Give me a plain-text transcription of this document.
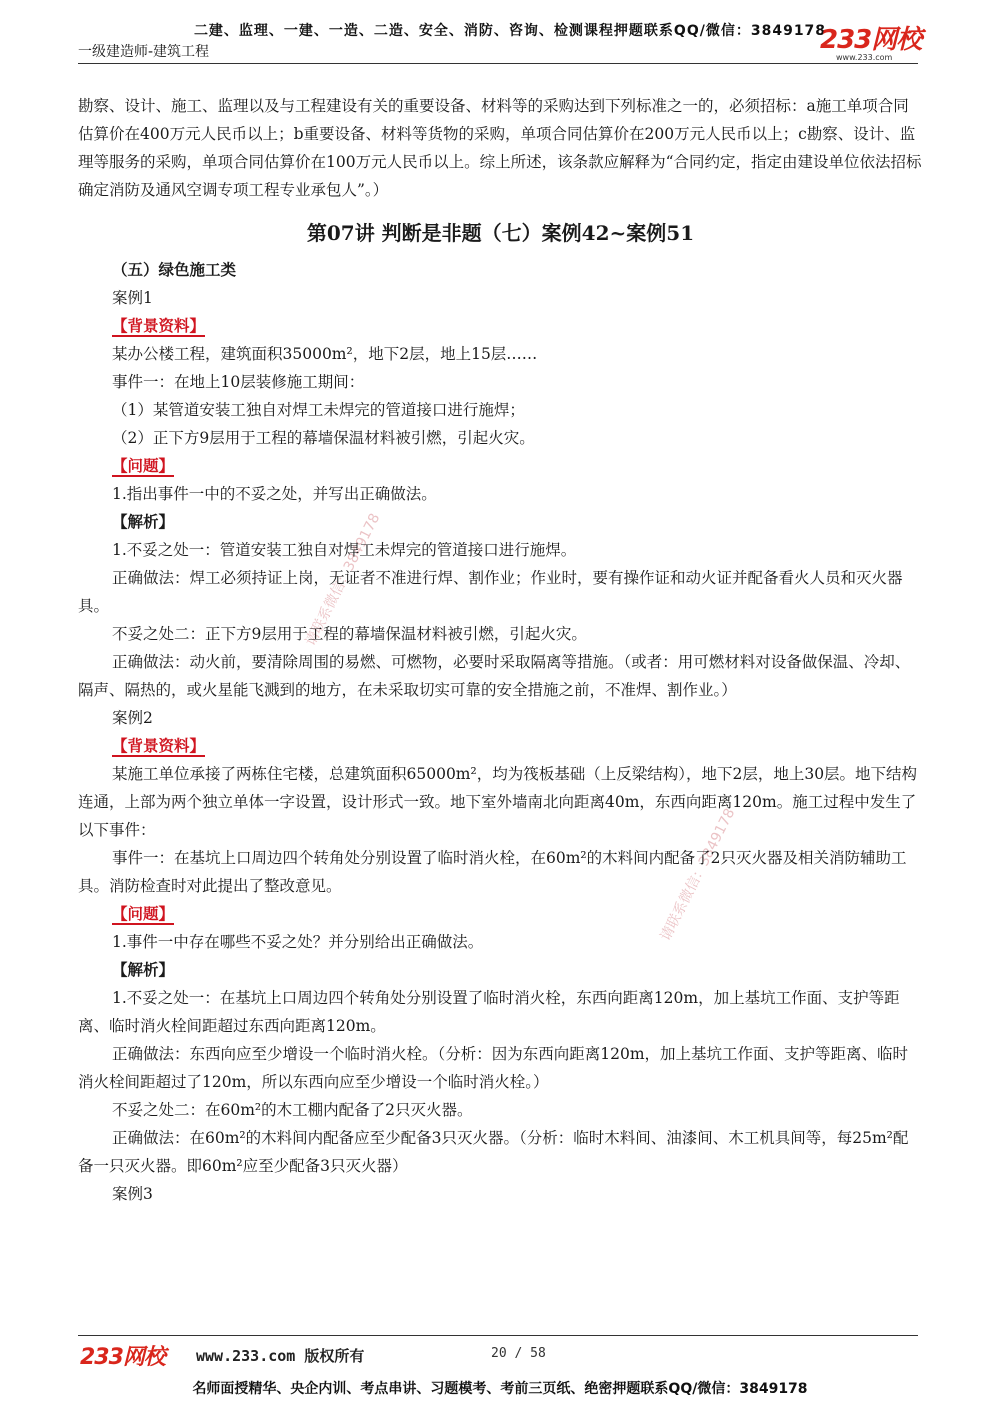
二建、监理、一建、一造、二造、安全、消防、咨询、检测课程押题联系QQ/微信：3849178
一级建造师-建筑工程	233网校
www.233.com
请联系微信：3849178
请联系微信：3849178

勘察、设计、施工、监理以及与工程建设有关的重要设备、材料等的采购达到下列标准之一的，必须招标：a施工单项合同估算价在400万元人民币以上；b重要设备、材料等货物的采购，单项合同估算价在200万元人民币以上；c勘察、设计、监理等服务的采购，单项合同估算价在100万元人民币以上。综上所述，该条款应解释为“合同约定，指定由建设单位依法招标确定消防及通风空调专项工程专业承包人”。）

第07讲 判断是非题（七）案例42~案例51

（五）绿色施工类

案例1

【背景资料】

某办公楼工程，建筑面积35000m²，地下2层，地上15层……

事件一：在地上10层装修施工期间：

（1）某管道安装工独自对焊工未焊完的管道接口进行施焊；

（2）正下方9层用于工程的幕墙保温材料被引燃，引起火灾。

【问题】

1.指出事件一中的不妥之处，并写出正确做法。

【解析】

1.不妥之处一：管道安装工独自对焊工未焊完的管道接口进行施焊。

正确做法：焊工必须持证上岗，无证者不准进行焊、割作业；作业时，要有操作证和动火证并配备看火人员和灭火器具。

不妥之处二：正下方9层用于工程的幕墙保温材料被引燃，引起火灾。

正确做法：动火前，要清除周围的易燃、可燃物，必要时采取隔离等措施。（或者：用可燃材料对设备做保温、冷却、隔声、隔热的，或火星能飞溅到的地方，在未采取切实可靠的安全措施之前，不准焊、割作业。）

案例2

【背景资料】

某施工单位承接了两栋住宅楼，总建筑面积65000m²，均为筏板基础（上反梁结构），地下2层，地上30层。地下结构连通，上部为两个独立单体一字设置，设计形式一致。地下室外墙南北向距离40m，东西向距离120m。施工过程中发生了以下事件：

事件一：在基坑上口周边四个转角处分别设置了临时消火栓，在60m²的木料间内配备了2只灭火器及相关消防辅助工具。消防检查时对此提出了整改意见。

【问题】

1.事件一中存在哪些不妥之处？并分别给出正确做法。

【解析】

1.不妥之处一：在基坑上口周边四个转角处分别设置了临时消火栓，东西向距离120m，加上基坑工作面、支护等距离、临时消火栓间距超过东西向距离120m。

正确做法：东西向应至少增设一个临时消火栓。（分析：因为东西向距离120m，加上基坑工作面、支护等距离、临时消火栓间距超过了120m，所以东西向应至少增设一个临时消火栓。）

不妥之处二：在60m²的木工棚内配备了2只灭火器。

正确做法：在60m²的木料间内配备应至少配备3只灭火器。（分析：临时木料间、油漆间、木工机具间等，每25m²配备一只灭火器。即60m²应至少配备3只灭火器）

案例3

233网校 www.233.com 版权所有	20 / 58
名师面授精华、央企内训、考点串讲、习题模考、考前三页纸、绝密押题联系QQ/微信：3849178
